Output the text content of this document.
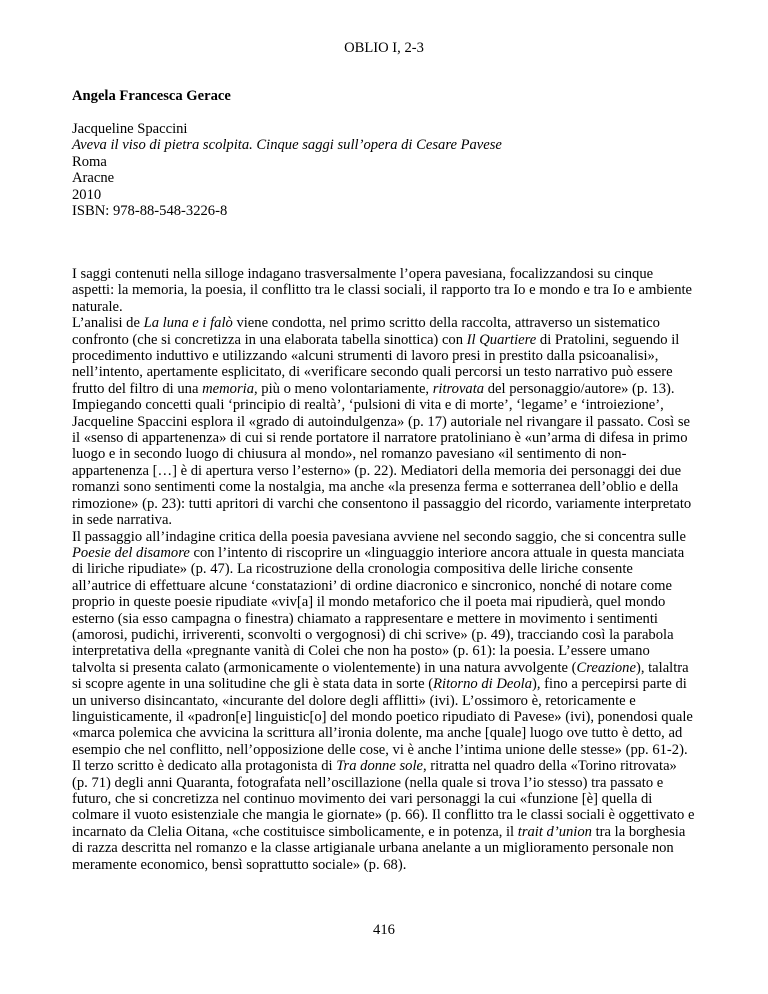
OBLIO I, 2-3
Angela Francesca Gerace
Jacqueline Spaccini
Aveva il viso di pietra scolpita. Cinque saggi sull’opera di Cesare Pavese
Roma
Aracne
2010
ISBN: 978-88-548-3226-8

I saggi contenuti nella silloge indagano trasversalmente l’opera pavesiana, focalizzandosi su cinque aspetti: la memoria, la poesia, il conflitto tra le classi sociali, il rapporto tra Io e mondo e tra Io e ambiente naturale.

L’analisi de La luna e i falò viene condotta, nel primo scritto della raccolta, attraverso un sistematico confronto (che si concretizza in una elaborata tabella sinottica) con Il Quartiere di Pratolini, seguendo il procedimento induttivo e utilizzando «alcuni strumenti di lavoro presi in prestito dalla psicoanalisi», nell’intento, apertamente esplicitato, di «verificare secondo quali percorsi un testo narrativo può essere frutto del filtro di una memoria, più o meno volontariamente, ritrovata del personaggio/autore» (p. 13). Impiegando concetti quali ‘principio di realtà’, ‘pulsioni di vita e di morte’, ‘legame’ e ‘introiezione’, Jacqueline Spaccini esplora il «grado di autoindulgenza» (p. 17) autoriale nel rivangare il passato. Così se il «senso di appartenenza» di cui si rende portatore il narratore pratoliniano è «un’arma di difesa in primo luogo e in secondo luogo di chiusura al mondo», nel romanzo pavesiano «il sentimento di non-appartenenza […] è di apertura verso l’esterno» (p. 22). Mediatori della memoria dei personaggi dei due romanzi sono sentimenti come la nostalgia, ma anche «la presenza ferma e sotterranea dell’oblio e della rimozione» (p. 23): tutti apritori di varchi che consentono il passaggio del ricordo, variamente interpretato in sede narrativa.

Il passaggio all’indagine critica della poesia pavesiana avviene nel secondo saggio, che si concentra sulle Poesie del disamore con l’intento di riscoprire un «linguaggio interiore ancora attuale in questa manciata di liriche ripudiate» (p. 47). La ricostruzione della cronologia compositiva delle liriche consente all’autrice di effettuare alcune ‘constatazioni’ di ordine diacronico e sincronico, nonché di notare come proprio in queste poesie ripudiate «viv[a] il mondo metaforico che il poeta mai ripudierà, quel mondo esterno (sia esso campagna o finestra) chiamato a rappresentare e mettere in movimento i sentimenti (amorosi, pudichi, irriverenti, sconvolti o vergognosi) di chi scrive» (p. 49), tracciando così la parabola interpretativa della «pregnante vanità di Colei che non ha posto» (p. 61): la poesia. L’essere umano talvolta si presenta calato (armonicamente o violentemente) in una natura avvolgente (Creazione), talaltra si scopre agente in una solitudine che gli è stata data in sorte (Ritorno di Deola), fino a percepirsi parte di un universo disincantato, «incurante del dolore degli afflitti» (ivi). L’ossimoro è, retoricamente e linguisticamente, il «padron[e] linguistic[o] del mondo poetico ripudiato di Pavese» (ivi), ponendosi quale «marca polemica che avvicina la scrittura all’ironia dolente, ma anche [quale] luogo ove tutto è detto, ad esempio che nel conflitto, nell’opposizione delle cose, vi è anche l’intima unione delle stesse» (pp. 61-2).

Il terzo scritto è dedicato alla protagonista di Tra donne sole, ritratta nel quadro della «Torino ritrovata» (p. 71) degli anni Quaranta, fotografata nell’oscillazione (nella quale si trova l’io stesso) tra passato e futuro, che si concretizza nel continuo movimento dei vari personaggi la cui «funzione [è] quella di colmare il vuoto esistenziale che mangia le giornate» (p. 66). Il conflitto tra le classi sociali è oggettivato e incarnato da Clelia Oitana, «che costituisce simbolicamente, e in potenza, il trait d’union tra la borghesia di razza descritta nel romanzo e la classe artigianale urbana anelante a un miglioramento personale non meramente economico, bensì soprattutto sociale» (p. 68).

416
